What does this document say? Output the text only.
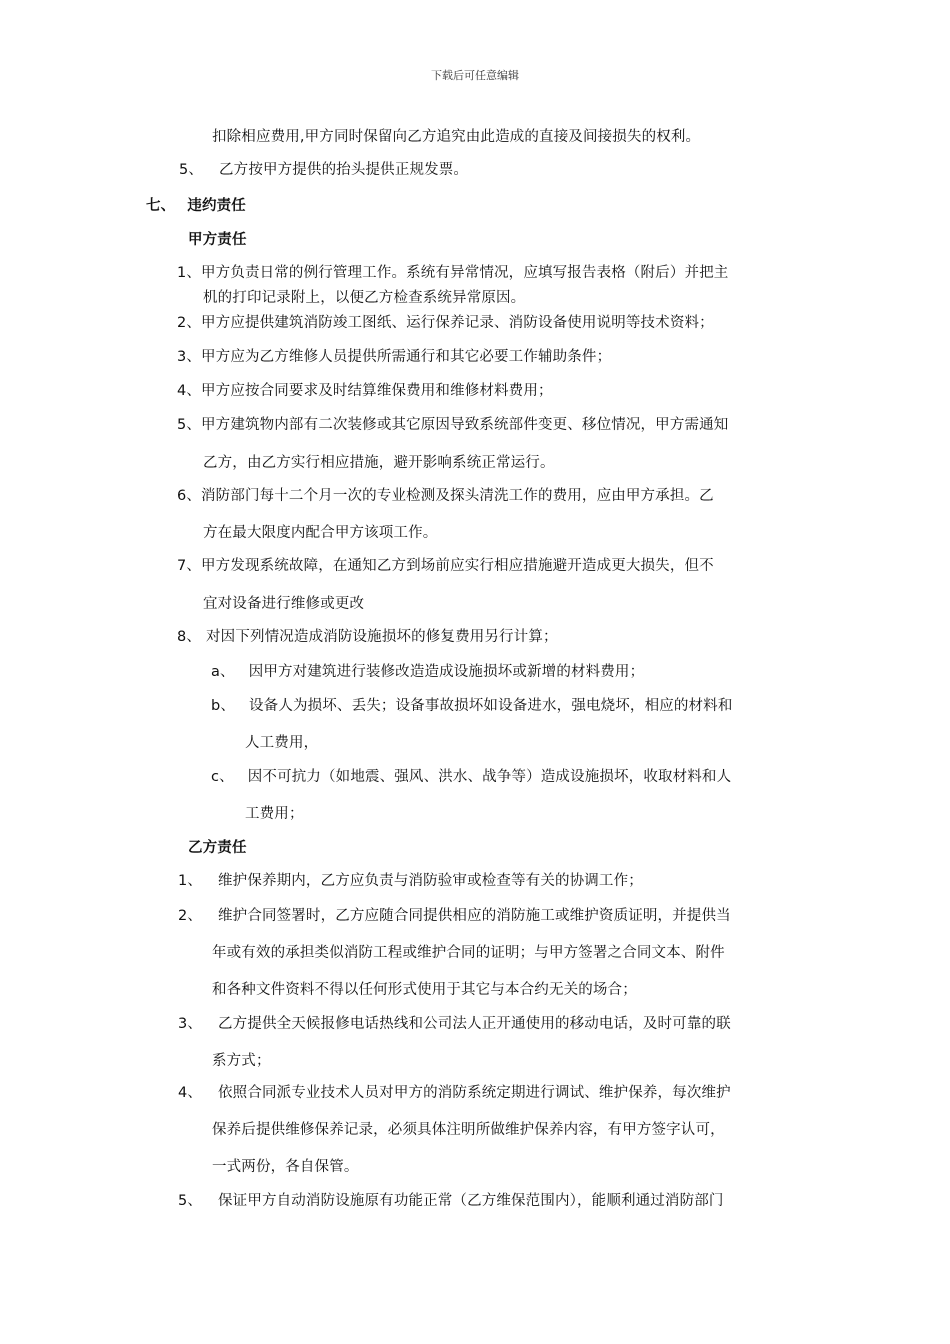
下载后可任意编辑
扣除相应费用,甲方同时保留向乙方追究由此造成的直接及间接损失的权利。
5、 乙方按甲方提供的抬头提供正规发票。
七、 违约责任
甲方责任
1、甲方负责日常的例行管理工作。系统有异常情况，应填写报告表格（附后）并把主
机的打印记录附上，以便乙方检查系统异常原因。
2、甲方应提供建筑消防竣工图纸、运行保养记录、消防设备使用说明等技术资料；
3、甲方应为乙方维修人员提供所需通行和其它必要工作辅助条件；
4、甲方应按合同要求及时结算维保费用和维修材料费用；
5、甲方建筑物内部有二次装修或其它原因导致系统部件变更、移位情况，甲方需通知
乙方，由乙方实行相应措施，避开影响系统正常运行。
6、消防部门每十二个月一次的专业检测及探头清洗工作的费用，应由甲方承担。乙
方在最大限度内配合甲方该项工作。
7、甲方发现系统故障，在通知乙方到场前应实行相应措施避开造成更大损失，但不
宜对设备进行维修或更改
8、 对因下列情况造成消防设施损坏的修复费用另行计算；
a、 因甲方对建筑进行装修改造造成设施损坏或新增的材料费用；
b、 设备人为损坏、丢失；设备事故损坏如设备进水，强电烧坏，相应的材料和
人工费用，
c、 因不可抗力（如地震、强风、洪水、战争等）造成设施损坏，收取材料和人
工费用；
乙方责任
1、 维护保养期内，乙方应负责与消防验审或检查等有关的协调工作；
2、 维护合同签署时，乙方应随合同提供相应的消防施工或维护资质证明，并提供当
年或有效的承担类似消防工程或维护合同的证明；与甲方签署之合同文本、附件
和各种文件资料不得以任何形式使用于其它与本合约无关的场合；
3、 乙方提供全天候报修电话热线和公司法人正开通使用的移动电话，及时可靠的联
系方式；
4、 依照合同派专业技术人员对甲方的消防系统定期进行调试、维护保养，每次维护
保养后提供维修保养记录，必须具体注明所做维护保养内容，有甲方签字认可，
一式两份，各自保管。
5、 保证甲方自动消防设施原有功能正常（乙方维保范围内），能顺利通过消防部门
